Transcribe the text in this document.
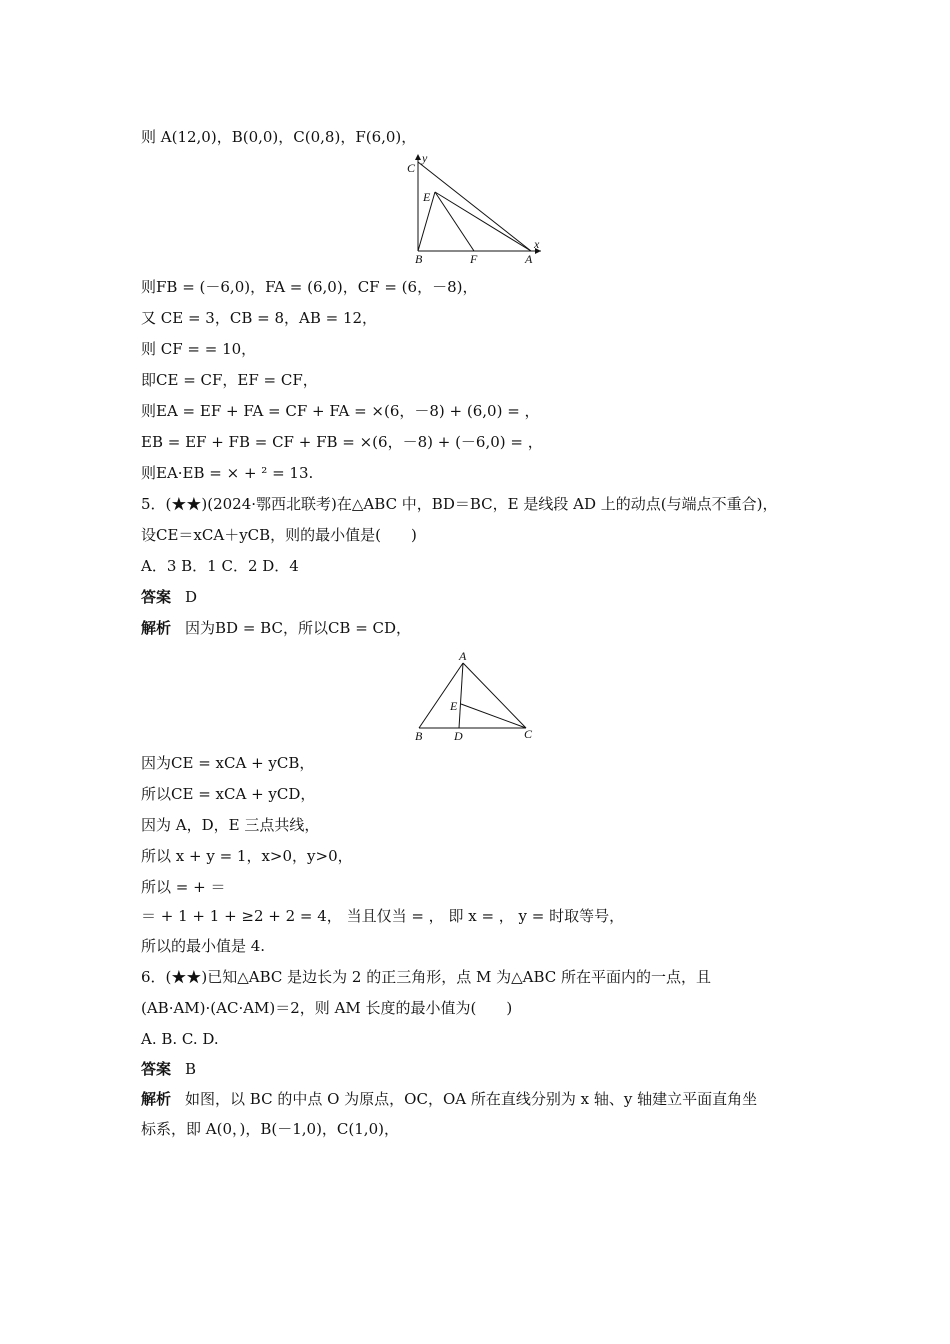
则 A(12,0)，B(0,0)，C(0,8)，F(6,0)，
C
y
E
B	F	A
x
则FB = (－6,0)，FA = (6,0)，CF = (6，－8)，
又 CE = 3，CB = 8，AB = 12，
则 CF = = 10，
即CE = CF，EF = CF，
则EA = EF + FA = CF + FA = ×(6，－8) + (6,0) = ，
EB = EF + FB = CF + FB = ×(6，－8) + (－6,0) = ，
则EA·EB = × + ² = 13.
5．(★★)(2024·鄂西北联考)在△ABC 中，BD＝BC，E 是线段 AD 上的动点(与端点不重合)，
设CE＝xCA＋yCB，则的最小值是(　　)
A．3 B．1 C．2 D．4
答案 D
解析 因为BD = BC，所以CB = CD，
A
E
B	D	C
因为CE = xCA + yCB，
所以CE = xCA + yCD，
因为 A，D，E 三点共线，
所以 x + y = 1，x>0，y>0，
所以 = + ＝
＝ + 1 + 1 + ≥2 + 2 = 4， 当且仅当 = ， 即 x = ， y = 时取等号，
所以的最小值是 4.
6．(★★)已知△ABC 是边长为 2 的正三角形，点 M 为△ABC 所在平面内的一点，且
(AB·AM)·(AC·AM)＝2，则 AM 长度的最小值为(　　)
A. B. C. D.
答案 B
解析 如图，以 BC 的中点 O 为原点，OC，OA 所在直线分别为 x 轴、y 轴建立平面直角坐
标系，即 A(0，)，B(－1,0)，C(1,0)，
